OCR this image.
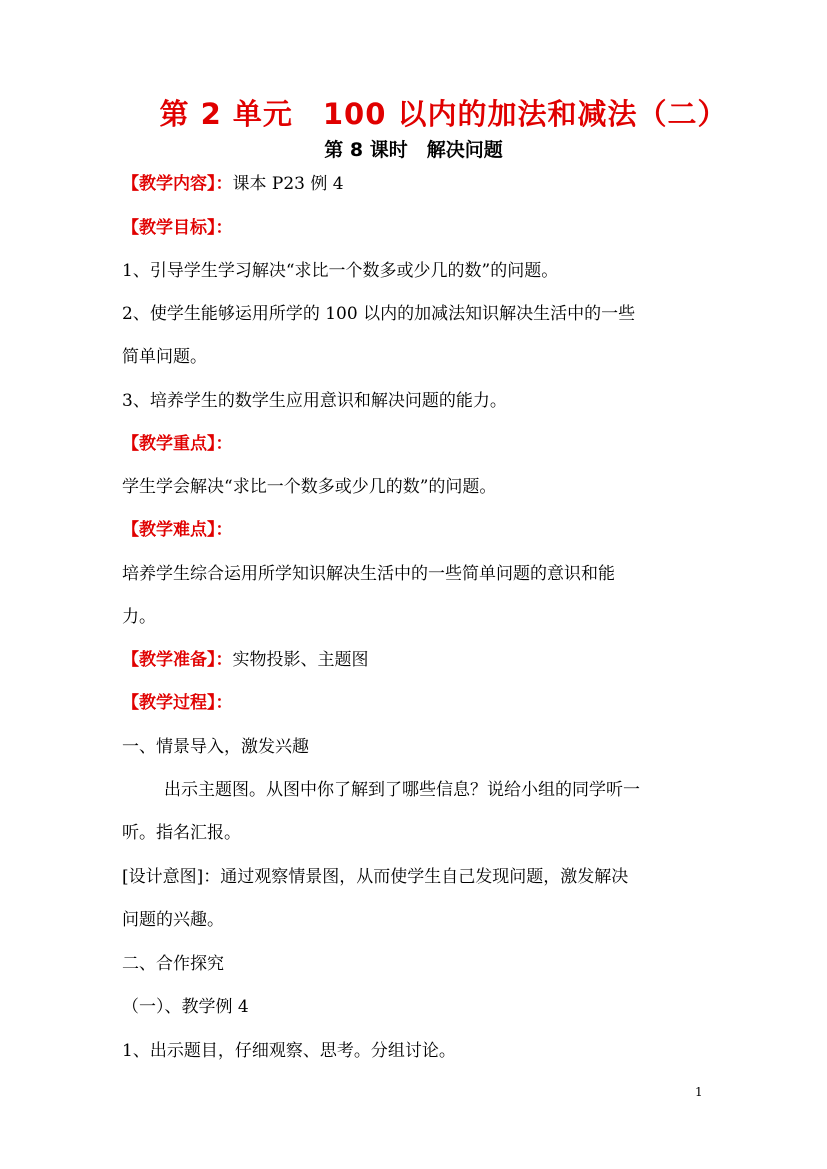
第 2 单元　100 以内的加法和减法（二）
第 8 课时　解决问题
【教学内容】：课本 P23 例 4
【教学目标】：
1、引导学生学习解决“求比一个数多或少几的数”的问题。
2、使学生能够运用所学的 100 以内的加减法知识解决生活中的一些
简单问题。
3、培养学生的数学生应用意识和解决问题的能力。
【教学重点】：
学生学会解决“求比一个数多或少几的数”的问题。
【教学难点】：
培养学生综合运用所学知识解决生活中的一些简单问题的意识和能
力。
【教学准备】：实物投影、主题图
【教学过程】：
一、情景导入，激发兴趣
出示主题图。从图中你了解到了哪些信息？说给小组的同学听一
听。指名汇报。
[设计意图]：通过观察情景图，从而使学生自己发现问题，激发解决
问题的兴趣。
二、合作探究
（一）、教学例 4
1、出示题目，仔细观察、思考。分组讨论。
1
